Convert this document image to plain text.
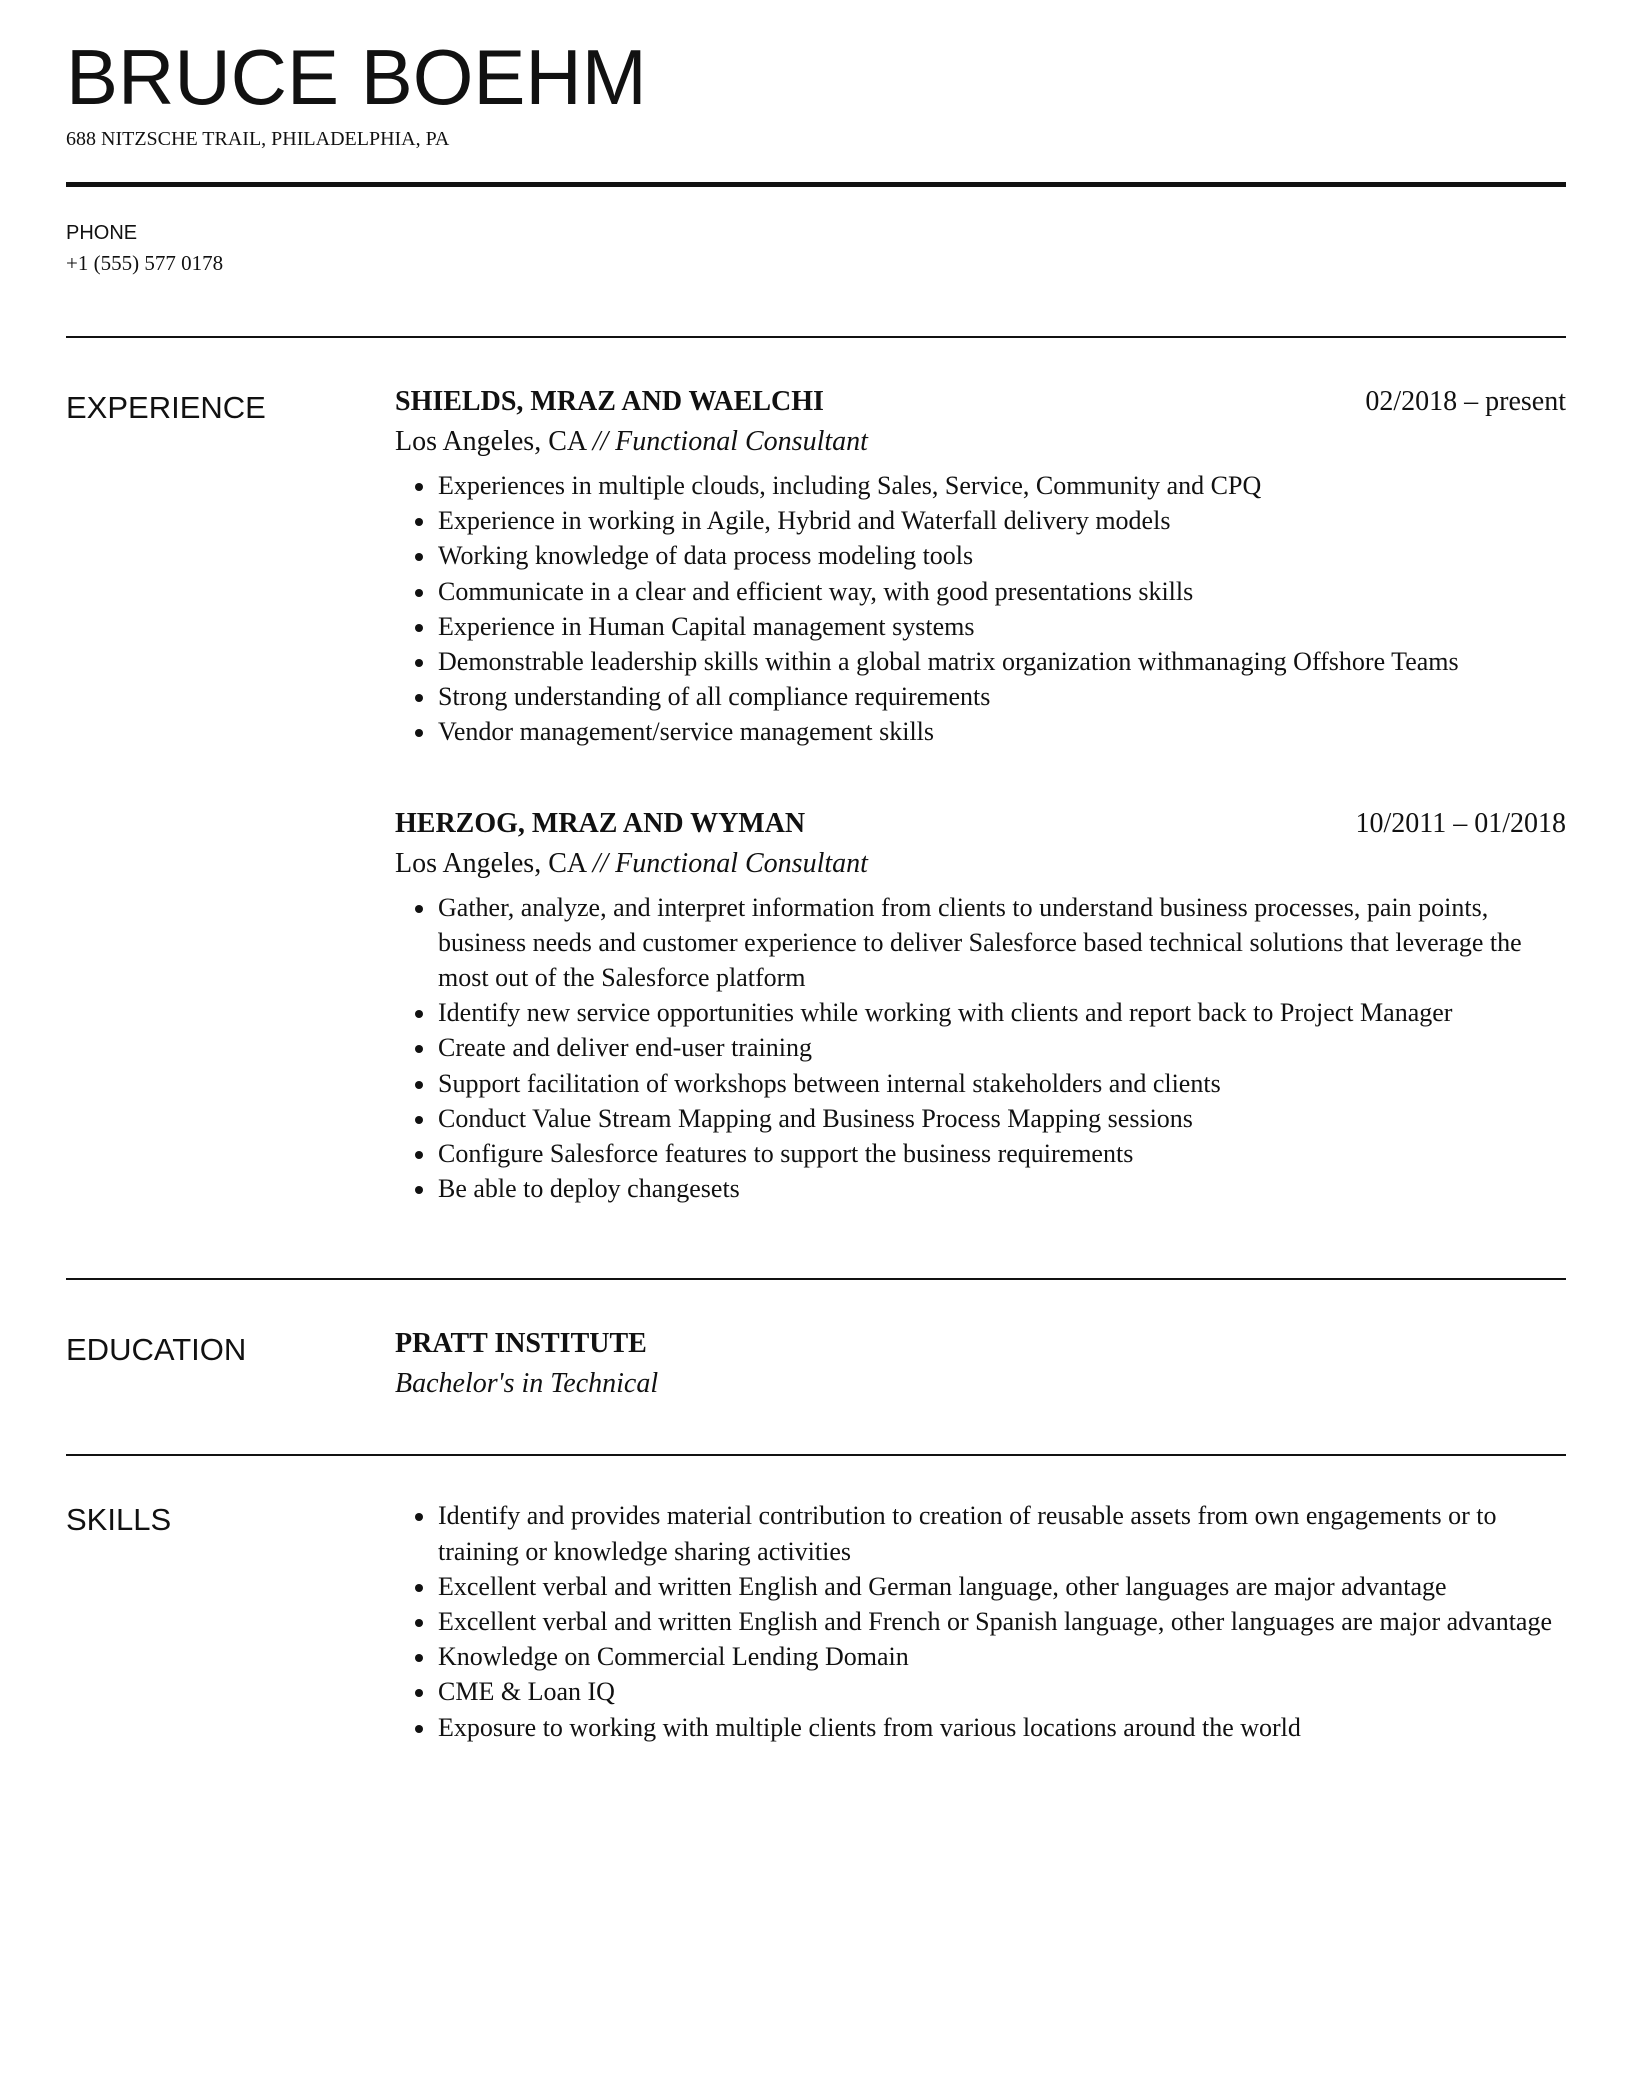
BRUCE BOEHM
688 NITZSCHE TRAIL, PHILADELPHIA, PA
PHONE
+1 (555) 577 0178
EXPERIENCE	SHIELDS, MRAZ AND WAELCHI	02/2018 – present
Los Angeles, CA // Functional Consultant
• Experiences in multiple clouds, including Sales, Service, Community and CPQ
• Experience in working in Agile, Hybrid and Waterfall delivery models
• Working knowledge of data process modeling tools
• Communicate in a clear and efficient way, with good presentations skills
• Experience in Human Capital management systems
• Demonstrable leadership skills within a global matrix organization withmanaging Offshore Teams
• Strong understanding of all compliance requirements
• Vendor management/service management skills
HERZOG, MRAZ AND WYMAN	10/2011 – 01/2018
Los Angeles, CA // Functional Consultant
• Gather, analyze, and interpret information from clients to understand business processes, pain points, business needs and customer experience to deliver Salesforce based technical solutions that leverage the most out of the Salesforce platform
• Identify new service opportunities while working with clients and report back to Project Manager
• Create and deliver end-user training
• Support facilitation of workshops between internal stakeholders and clients
• Conduct Value Stream Mapping and Business Process Mapping sessions
• Configure Salesforce features to support the business requirements
• Be able to deploy changesets
EDUCATION	PRATT INSTITUTE
Bachelor's in Technical
SKILLS
•	Identify and provides material contribution to creation of reusable assets from own engagements or to training or knowledge sharing activities
• Excellent verbal and written English and German language, other languages are major advantage
• Excellent verbal and written English and French or Spanish language, other languages are major advantage
• Knowledge on Commercial Lending Domain
• CME & Loan IQ
• Exposure to working with multiple clients from various locations around the world
